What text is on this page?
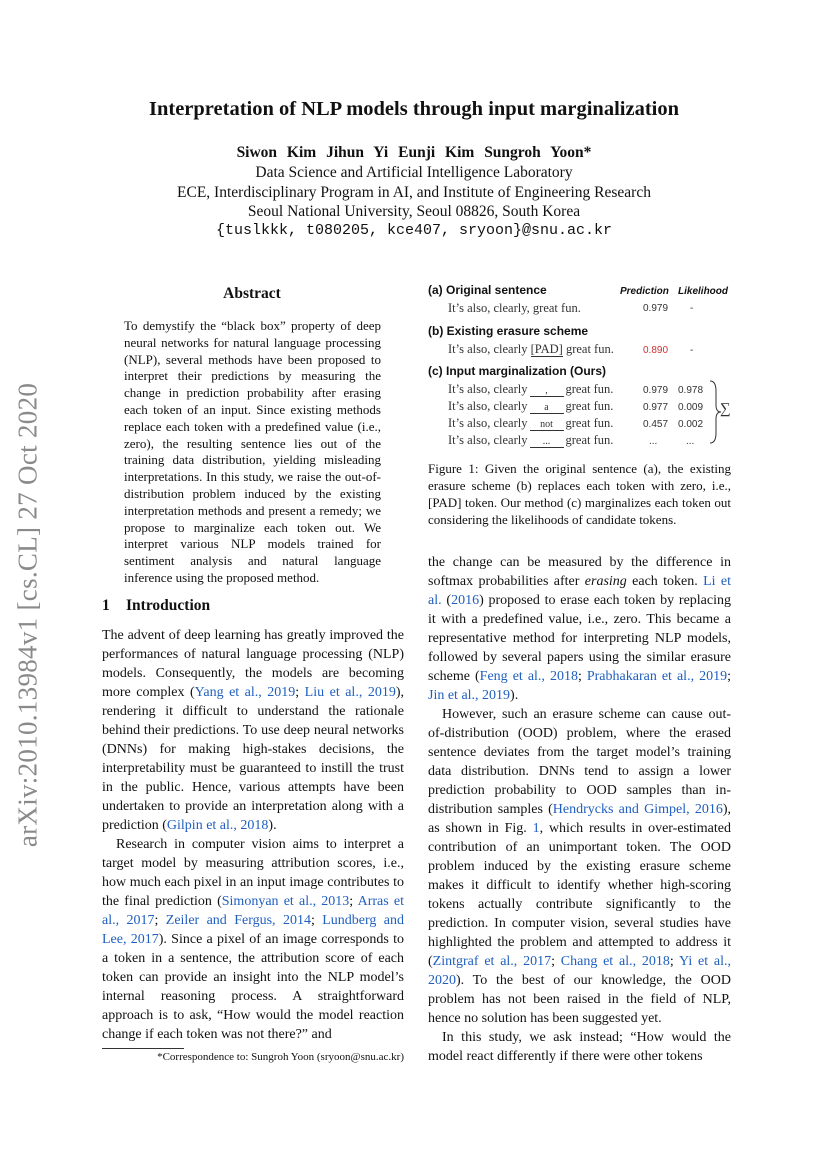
Interpretation of NLP models through input marginalization
Siwon Kim Jihun Yi Eunji Kim Sungroh Yoon*
Data Science and Artificial Intelligence Laboratory
ECE, Interdisciplinary Program in AI, and Institute of Engineering Research
Seoul National University, Seoul 08826, South Korea
{tuslkkk, t080205, kce407, sryoon}@snu.ac.kr
arXiv:2010.13984v1 [cs.CL] 27 Oct 2020
Abstract
To demystify the “black box” property of deep neural networks for natural language processing (NLP), several methods have been proposed to interpret their predictions by measuring the change in prediction probability after erasing each token of an input. Since existing methods replace each token with a predefined value (i.e., zero), the resulting sentence lies out of the training data distribution, yielding misleading interpretations. In this study, we raise the out-of-distribution problem induced by the existing interpretation methods and present a remedy; we propose to marginalize each token out. We interpret various NLP models trained for sentiment analysis and natural language inference using the proposed method.
1 Introduction

The advent of deep learning has greatly improved the performances of natural language processing (NLP) models. Consequently, the models are becoming more complex (Yang et al., 2019; Liu et al., 2019), rendering it difficult to understand the rationale behind their predictions. To use deep neural networks (DNNs) for making high-stakes decisions, the interpretability must be guaranteed to instill the trust in the public. Hence, various attempts have been undertaken to provide an interpretation along with a prediction (Gilpin et al., 2018).

Research in computer vision aims to interpret a target model by measuring attribution scores, i.e., how much each pixel in an input image contributes to the final prediction (Simonyan et al., 2013; Arras et al., 2017; Zeiler and Fergus, 2014; Lundberg and Lee, 2017). Since a pixel of an image corresponds to a token in a sentence, the attribution score of each token can provide an insight into the NLP model’s internal reasoning process. A straightforward approach is to ask, “How would the model reaction change if each token was not there?” and

*Correspondence to: Sungroh Yoon (sryoon@snu.ac.kr)
(a) Original sentence	Prediction Likelihood
It’s also, clearly, great fun.	0.979 -
(b) Existing erasure scheme
It’s also, clearly [PAD] great fun.	0.890 -
(c) Input marginalization (Ours)
It’s also, clearly , great fun.	0.979 0.978
It’s also, clearly a great fun.	0.977 0.009
It’s also, clearly not great fun.	0.457 0.002
It’s also, clearly ... great fun.	...	...
∑
Figure 1: Given the original sentence (a), the existing erasure scheme (b) replaces each token with zero, i.e., [PAD] token. Our method (c) marginalizes each token out considering the likelihoods of candidate tokens.

the change can be measured by the difference in softmax probabilities after erasing each token. Li et al. (2016) proposed to erase each token by replacing it with a predefined value, i.e., zero. This became a representative method for interpreting NLP models, followed by several papers using the similar erasure scheme (Feng et al., 2018; Prabhakaran et al., 2019; Jin et al., 2019).

However, such an erasure scheme can cause out-of-distribution (OOD) problem, where the erased sentence deviates from the target model’s training data distribution. DNNs tend to assign a lower prediction probability to OOD samples than in-distribution samples (Hendrycks and Gimpel, 2016), as shown in Fig. 1, which results in over-estimated contribution of an unimportant token. The OOD problem induced by the existing erasure scheme makes it difficult to identify whether high-scoring tokens actually contribute significantly to the prediction. In computer vision, several studies have highlighted the problem and attempted to address it (Zintgraf et al., 2017; Chang et al., 2018; Yi et al., 2020). To the best of our knowledge, the OOD problem has not been raised in the field of NLP, hence no solution has been suggested yet.

In this study, we ask instead; “How would the model react differently if there were other tokens
